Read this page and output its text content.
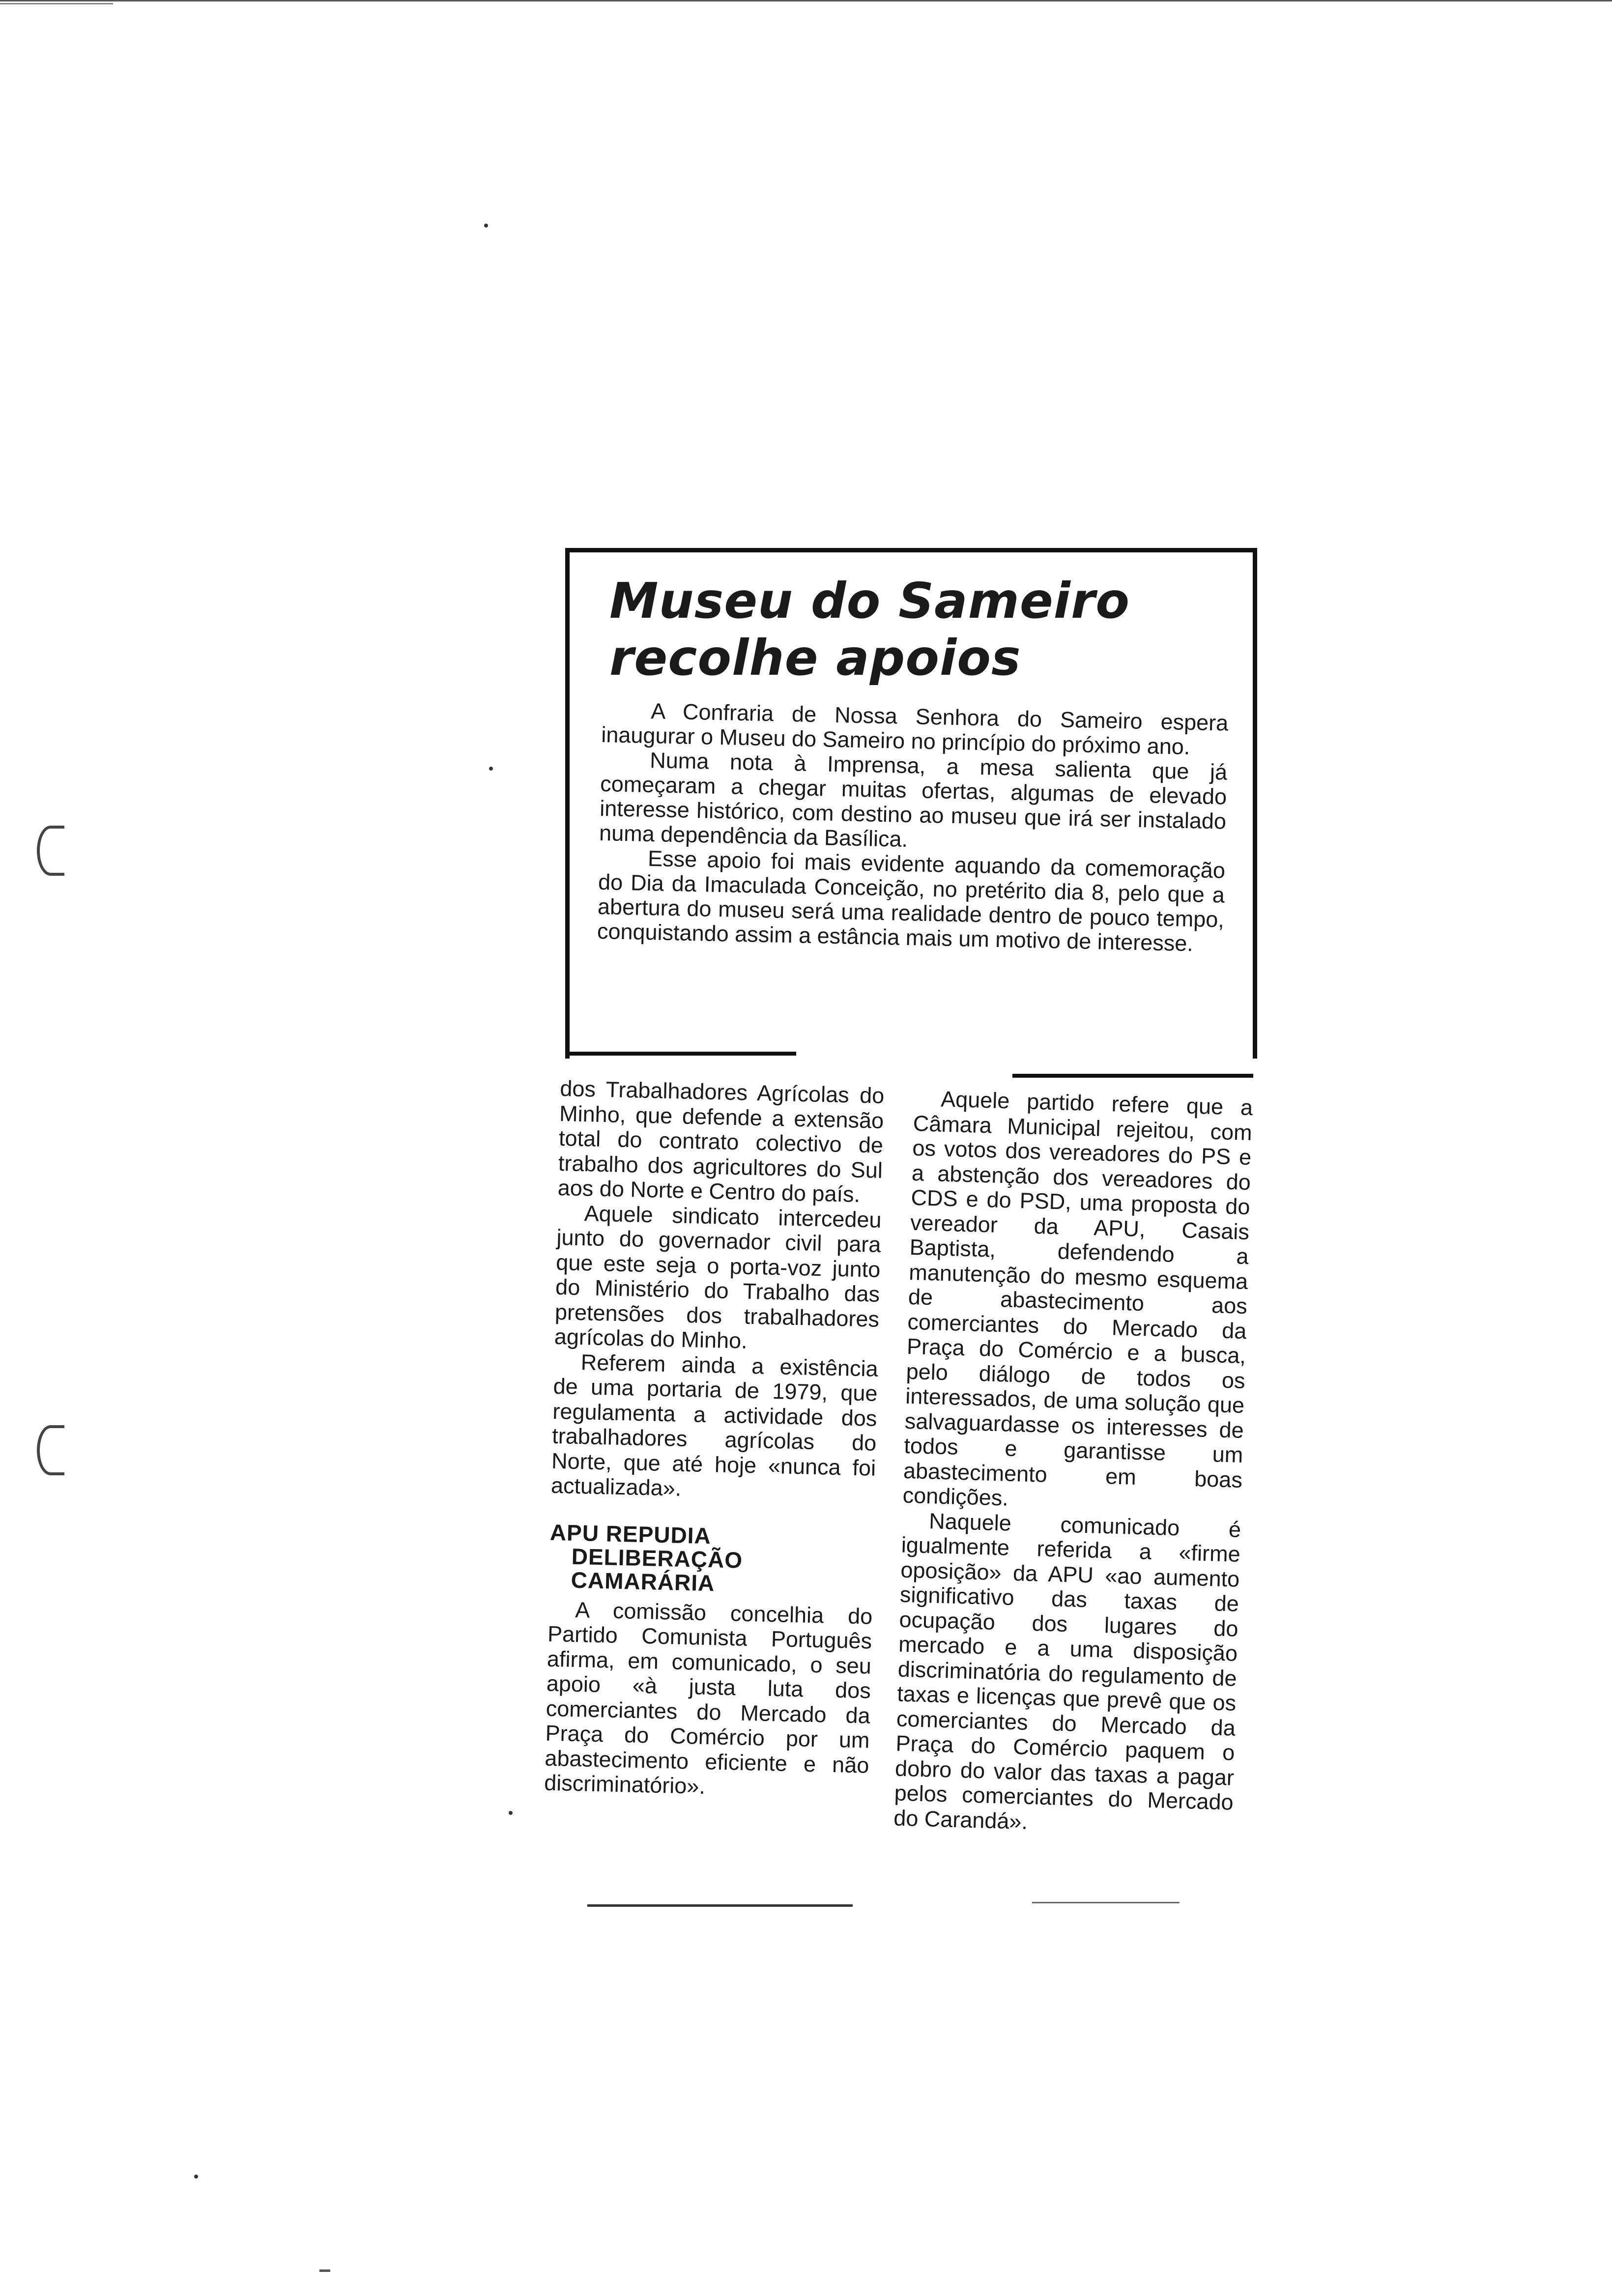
Museu do Sameiro
recolhe apoios

A Confraria de Nossa Senhora do Sameiro espera inaugurar o Museu do Sameiro no princípio do próximo ano.

Numa nota à Imprensa, a mesa salienta que já começaram a chegar muitas ofertas, algumas de elevado interesse histórico, com destino ao museu que irá ser instalado numa dependência da Basílica.

Esse apoio foi mais evidente aquando da comemoração do Dia da Imaculada Conceição, no pretérito dia 8, pelo que a abertura do museu será uma realidade dentro de pouco tempo, conquistando assim a estância mais um motivo de interesse.

dos Trabalhadores Agrícolas do Minho, que defende a extensão total do contrato colectivo de trabalho dos agricultores do Sul aos do Norte e Centro do país.

Aquele sindicato intercedeu junto do governador civil para que este seja o porta-voz junto do Ministério do Trabalho das pretensões dos trabalhadores agrícolas do Minho.

Referem ainda a existência de uma portaria de 1979, que regulamenta a actividade dos trabalhadores agrícolas do Norte, que até hoje «nunca foi actualizada».

APU REPUDIA
DELIBERAÇÃO
CAMARÁRIA

A comissão concelhia do Partido Comunista Português afirma, em comunicado, o seu apoio «à justa luta dos comerciantes do Mercado da Praça do Comércio por um abastecimento eficiente e não discriminatório».

Aquele partido refere que a Câmara Municipal rejeitou, com os votos dos vereadores do PS e a abstenção dos vereadores do CDS e do PSD, uma proposta do vereador da APU, Casais Baptista, defendendo a manutenção do mesmo esquema de abastecimento aos comerciantes do Mercado da Praça do Comércio e a busca, pelo diálogo de todos os interessados, de uma solução que salvaguardasse os interesses de todos e garantisse um abastecimento em boas condições.

Naquele comunicado é igualmente referida a «firme oposição» da APU «ao aumento significativo das taxas de ocupação dos lugares do mercado e a uma disposição discriminatória do regulamento de taxas e licenças que prevê que os comerciantes do Mercado da Praça do Comércio paquem o dobro do valor das taxas a pagar pelos comerciantes do Mercado do Carandá».
